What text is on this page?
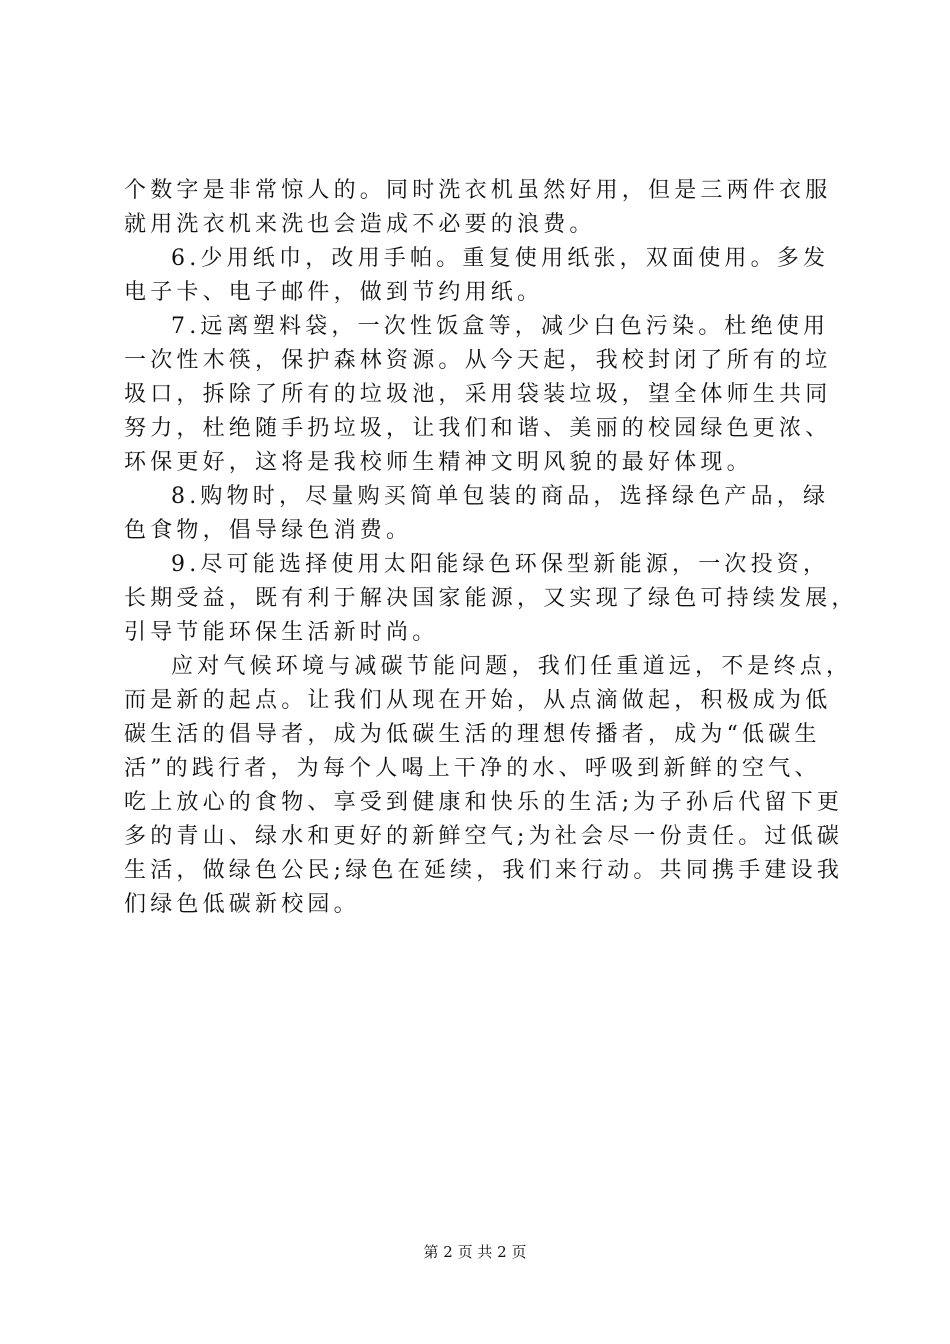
个数字是非常惊人的。同时洗衣机虽然好用，但是三两件衣服
就用洗衣机来洗也会造成不必要的浪费。
6.少用纸巾，改用手帕。重复使用纸张，双面使用。多发
电子卡、电子邮件，做到节约用纸。
7.远离塑料袋，一次性饭盒等，减少白色污染。杜绝使用
一次性木筷，保护森林资源。从今天起，我校封闭了所有的垃
圾口，拆除了所有的垃圾池，采用袋装垃圾，望全体师生共同
努力，杜绝随手扔垃圾，让我们和谐、美丽的校园绿色更浓、
环保更好，这将是我校师生精神文明风貌的最好体现。
8.购物时，尽量购买简单包装的商品，选择绿色产品，绿
色食物，倡导绿色消费。
9.尽可能选择使用太阳能绿色环保型新能源，一次投资，
长期受益，既有利于解决国家能源，又实现了绿色可持续发展，
引导节能环保生活新时尚。
应对气候环境与减碳节能问题，我们任重道远，不是终点，
而是新的起点。让我们从现在开始，从点滴做起，积极成为低
碳生活的倡导者，成为低碳生活的理想传播者，成为“低碳生
活”的践行者，为每个人喝上干净的水、呼吸到新鲜的空气、
吃上放心的食物、享受到健康和快乐的生活;为子孙后代留下更
多的青山、绿水和更好的新鲜空气;为社会尽一份责任。过低碳
生活，做绿色公民;绿色在延续，我们来行动。共同携手建设我
们绿色低碳新校园。
第 2 页 共 2 页
